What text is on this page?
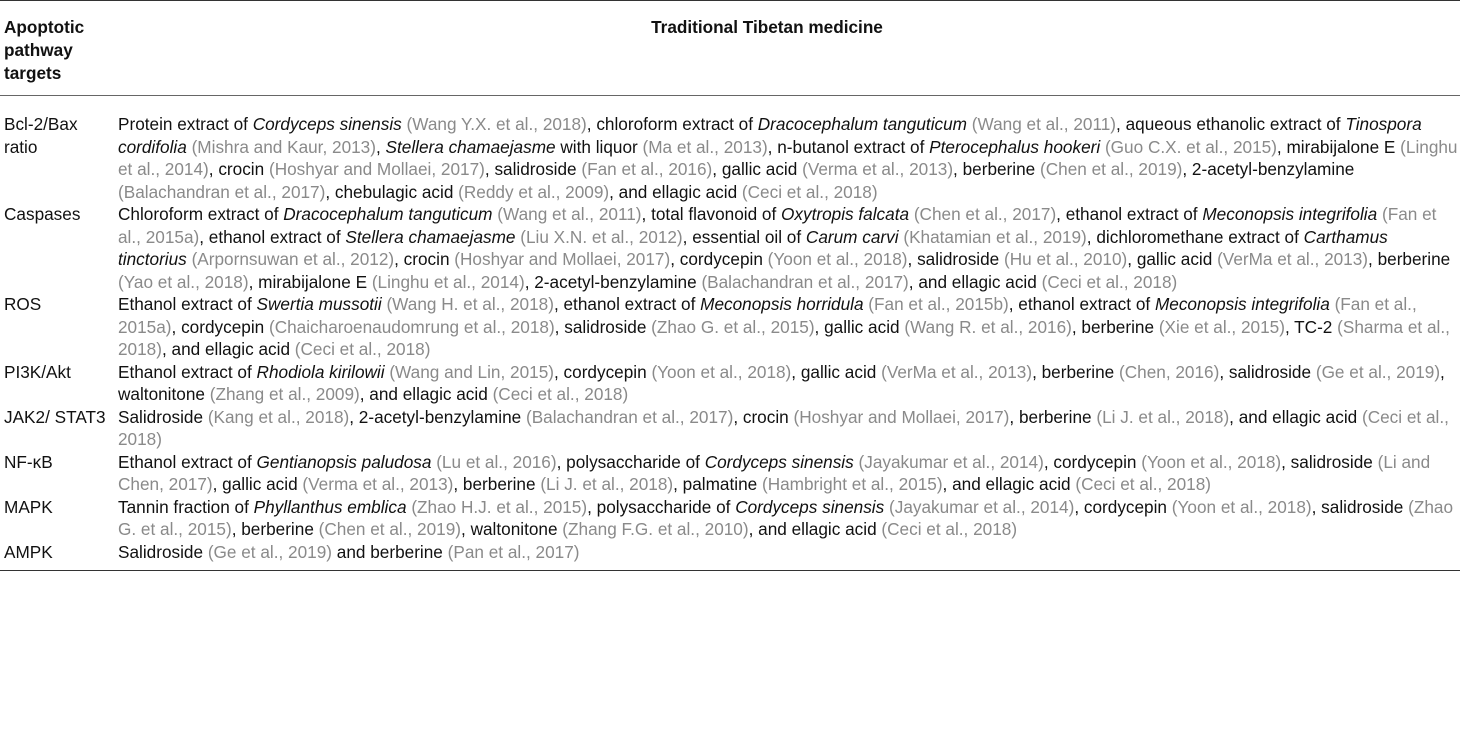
Apoptotic pathway targets	Traditional Tibetan medicine
Bcl-2/Bax ratio	Protein extract of Cordyceps sinensis (Wang Y.X. et al., 2018), chloroform extract of Dracocephalum tanguticum (Wang et al., 2011), aqueous ethanolic extract of Tinospora cordifolia (Mishra and Kaur, 2013), Stellera chamaejasme with liquor (Ma et al., 2013), n-butanol extract of Pterocephalus hookeri (Guo C.X. et al., 2015), mirabijalone E (Linghu et al., 2014), crocin (Hoshyar and Mollaei, 2017), salidroside (Fan et al., 2016), gallic acid (Verma et al., 2013), berberine (Chen et al., 2019), 2-acetyl-benzylamine (Balachandran et al., 2017), chebulagic acid (Reddy et al., 2009), and ellagic acid (Ceci et al., 2018)
Caspases	Chloroform extract of Dracocephalum tanguticum (Wang et al., 2011), total flavonoid of Oxytropis falcata (Chen et al., 2017), ethanol extract of Meconopsis integrifolia (Fan et al., 2015a), ethanol extract of Stellera chamaejasme (Liu X.N. et al., 2012), essential oil of Carum carvi (Khatamian et al., 2019), dichloromethane extract of Carthamus tinctorius (Arpornsuwan et al., 2012), crocin (Hoshyar and Mollaei, 2017), cordycepin (Yoon et al., 2018), salidroside (Hu et al., 2010), gallic acid (VerMa et al., 2013), berberine (Yao et al., 2018), mirabijalone E (Linghu et al., 2014), 2-acetyl-benzylamine (Balachandran et al., 2017), and ellagic acid (Ceci et al., 2018)
ROS	Ethanol extract of Swertia mussotii (Wang H. et al., 2018), ethanol extract of Meconopsis horridula (Fan et al., 2015b), ethanol extract of Meconopsis integrifolia (Fan et al., 2015a), cordycepin (Chaicharoenaudomrung et al., 2018), salidroside (Zhao G. et al., 2015), gallic acid (Wang R. et al., 2016), berberine (Xie et al., 2015), TC-2 (Sharma et al., 2018), and ellagic acid (Ceci et al., 2018)
PI3K/Akt	Ethanol extract of Rhodiola kirilowii (Wang and Lin, 2015), cordycepin (Yoon et al., 2018), gallic acid (VerMa et al., 2013), berberine (Chen, 2016), salidroside (Ge et al., 2019), waltonitone (Zhang et al., 2009), and ellagic acid (Ceci et al., 2018)
JAK2/ STAT3	Salidroside (Kang et al., 2018), 2-acetyl-benzylamine (Balachandran et al., 2017), crocin (Hoshyar and Mollaei, 2017), berberine (Li J. et al., 2018), and ellagic acid (Ceci et al., 2018)
NF-κB	Ethanol extract of Gentianopsis paludosa (Lu et al., 2016), polysaccharide of Cordyceps sinensis (Jayakumar et al., 2014), cordycepin (Yoon et al., 2018), salidroside (Li and Chen, 2017), gallic acid (Verma et al., 2013), berberine (Li J. et al., 2018), palmatine (Hambright et al., 2015), and ellagic acid (Ceci et al., 2018)
MAPK	Tannin fraction of Phyllanthus emblica (Zhao H.J. et al., 2015), polysaccharide of Cordyceps sinensis (Jayakumar et al., 2014), cordycepin (Yoon et al., 2018), salidroside (Zhao G. et al., 2015), berberine (Chen et al., 2019), waltonitone (Zhang F.G. et al., 2010), and ellagic acid (Ceci et al., 2018)
AMPK	Salidroside (Ge et al., 2019) and berberine (Pan et al., 2017)
